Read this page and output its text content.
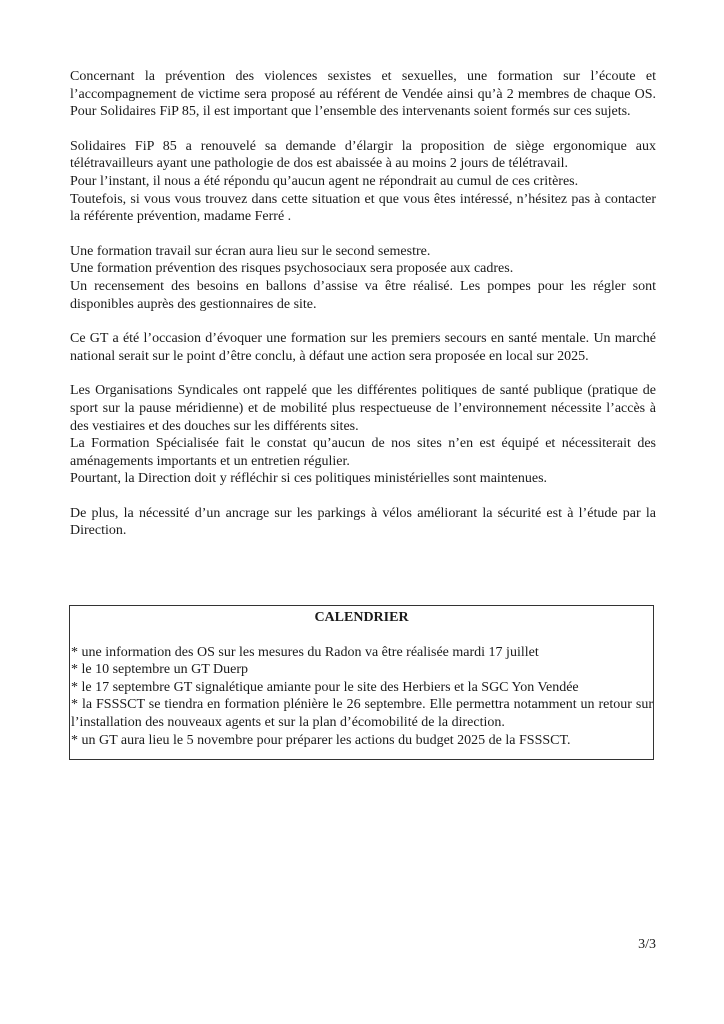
Concernant la prévention des violences sexistes et sexuelles, une formation sur l’écoute et l’accompagnement de victime sera proposé au référent de Vendée ainsi qu’à 2 membres de chaque OS. Pour Solidaires FiP 85, il est important que l’ensemble des intervenants soient formés sur ces sujets.
Solidaires FiP 85 a renouvelé sa demande d’élargir la proposition de siège ergonomique aux télétravailleurs ayant une pathologie de dos est abaissée à au moins 2 jours de télétravail.
Pour l’instant, il nous a été répondu qu’aucun agent ne répondrait au cumul de ces critères.
Toutefois, si vous vous trouvez dans cette situation et que vous êtes intéressé, n’hésitez pas à contacter la référente prévention, madame Ferré .
Une formation travail sur écran aura lieu sur le second semestre.
Une formation prévention des risques psychosociaux sera proposée aux cadres.
Un recensement des besoins en ballons d’assise va être réalisé. Les pompes pour les régler sont disponibles auprès des gestionnaires de site.
Ce GT a été l’occasion d’évoquer une formation sur les premiers secours en santé mentale. Un marché national serait sur le point d’être conclu, à défaut une action sera proposée en local sur 2025.
Les Organisations Syndicales ont rappelé que les différentes politiques de santé publique (pratique de sport sur la pause méridienne) et de mobilité plus respectueuse de l’environnement nécessite l’accès à des vestiaires et des douches sur les différents sites.
La Formation Spécialisée fait le constat qu’aucun de nos sites n’en est équipé et nécessiterait des aménagements importants et un entretien régulier.
Pourtant, la Direction doit y réfléchir si ces politiques ministérielles sont maintenues.
De plus, la nécessité d’un ancrage sur les parkings à vélos améliorant la sécurité est à l’étude par la Direction.
CALENDRIER
* une information des OS sur les mesures du Radon va être réalisée mardi 17 juillet
* le 10 septembre un GT Duerp
* le 17 septembre GT signalétique amiante pour le site des Herbiers et la SGC Yon Vendée
* la FSSSCT se tiendra en formation plénière le 26 septembre. Elle permettra notamment un retour sur l’installation des nouveaux agents et sur la plan d’écomobilité de la direction.
* un GT aura lieu le 5 novembre pour préparer les actions du budget 2025 de la FSSSCT.
3/3
